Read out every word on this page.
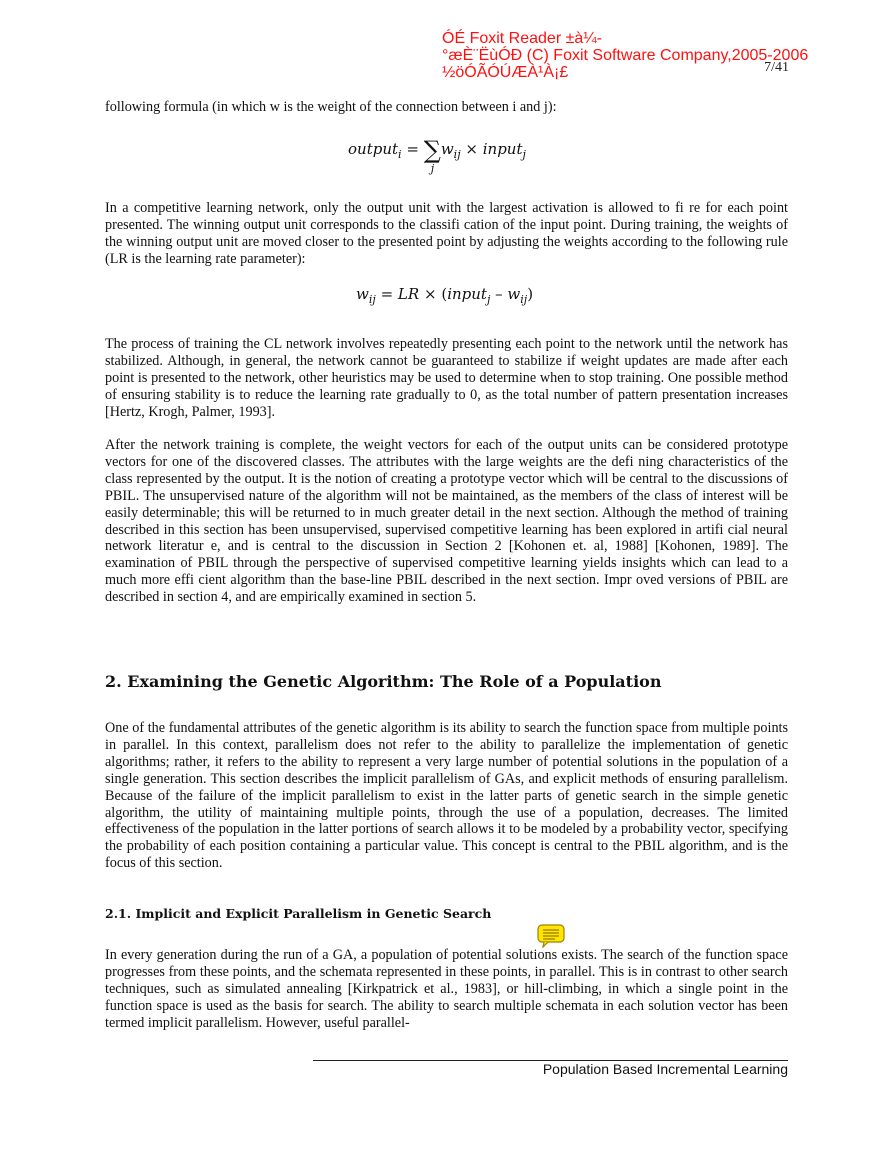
ÓÉ Foxit Reader ±à¼-
°æÈ¨ËùÓÐ (C) Foxit Software Company,2005-2006
½öÓÃÓÚÆÀ¹À¡£	7/41

following formula (in which w is the weight of the connection between i and j):

output$_i$ = ∑
j
$w_{ij}$ × input$_j$

In a competitive learning network, only the output unit with the largest activation is allowed to fi re for each point presented. The winning output unit corresponds to the classifi cation of the input point. During training, the weights of the winning output unit are moved closer to the presented point by adjusting the weights according to the following rule (LR is the learning rate parameter):

$w_{ij}$ = LR × (input$_j$ – $w_{ij}$)

The process of training the CL network involves repeatedly presenting each point to the network until the network has stabilized. Although, in general, the network cannot be guaranteed to stabilize if weight updates are made after each point is presented to the network, other heuristics may be used to determine when to stop training. One possible method of ensuring stability is to reduce the learning rate gradually to 0, as the total number of pattern presentation increases [Hertz, Krogh, Palmer, 1993].

After the network training is complete, the weight vectors for each of the output units can be considered prototype vectors for one of the discovered classes. The attributes with the large weights are the defi ning characteristics of the class represented by the output. It is the notion of creating a prototype vector which will be central to the discussions of PBIL. The unsupervised nature of the algorithm will not be maintained, as the members of the class of interest will be easily determinable; this will be returned to in much greater detail in the next section. Although the method of training described in this section has been unsupervised, supervised competitive learning has been explored in artifi cial neural network literatur e, and is central to the discussion in Section 2 [Kohonen et. al, 1988] [Kohonen, 1989]. The examination of PBIL through the perspective of supervised competitive learning yields insights which can lead to a much more effi cient algorithm than the base-line PBIL described in the next section. Impr oved versions of PBIL are described in section 4, and are empirically examined in section 5.

2. Examining the Genetic Algorithm: The Role of a Population

One of the fundamental attributes of the genetic algorithm is its ability to search the function space from multiple points in parallel. In this context, parallelism does not refer to the ability to parallelize the implementation of genetic algorithms; rather, it refers to the ability to represent a very large number of potential solutions in the population of a single generation. This section describes the implicit parallelism of GAs, and explicit methods of ensuring parallelism. Because of the failure of the implicit parallelism to exist in the latter parts of genetic search in the simple genetic algorithm, the utility of maintaining multiple points, through the use of a population, decreases. The limited effectiveness of the population in the latter portions of search allows it to be modeled by a probability vector, specifying the probability of each position containing a particular value. This concept is central to the PBIL algorithm, and is the focus of this section.

2.1. Implicit and Explicit Parallelism in Genetic Search

In every generation during the run of a GA, a population of potential solutions exists. The search of the function space progresses from these points, and the schemata represented in these points, in parallel. This is in contrast to other search techniques, such as simulated annealing [Kirkpatrick et al., 1983], or hill-climbing, in which a single point in the function space is used as the basis for search. The ability to search multiple schemata in each solution vector has been termed implicit parallelism. However, useful parallel-

Population Based Incremental Learning
